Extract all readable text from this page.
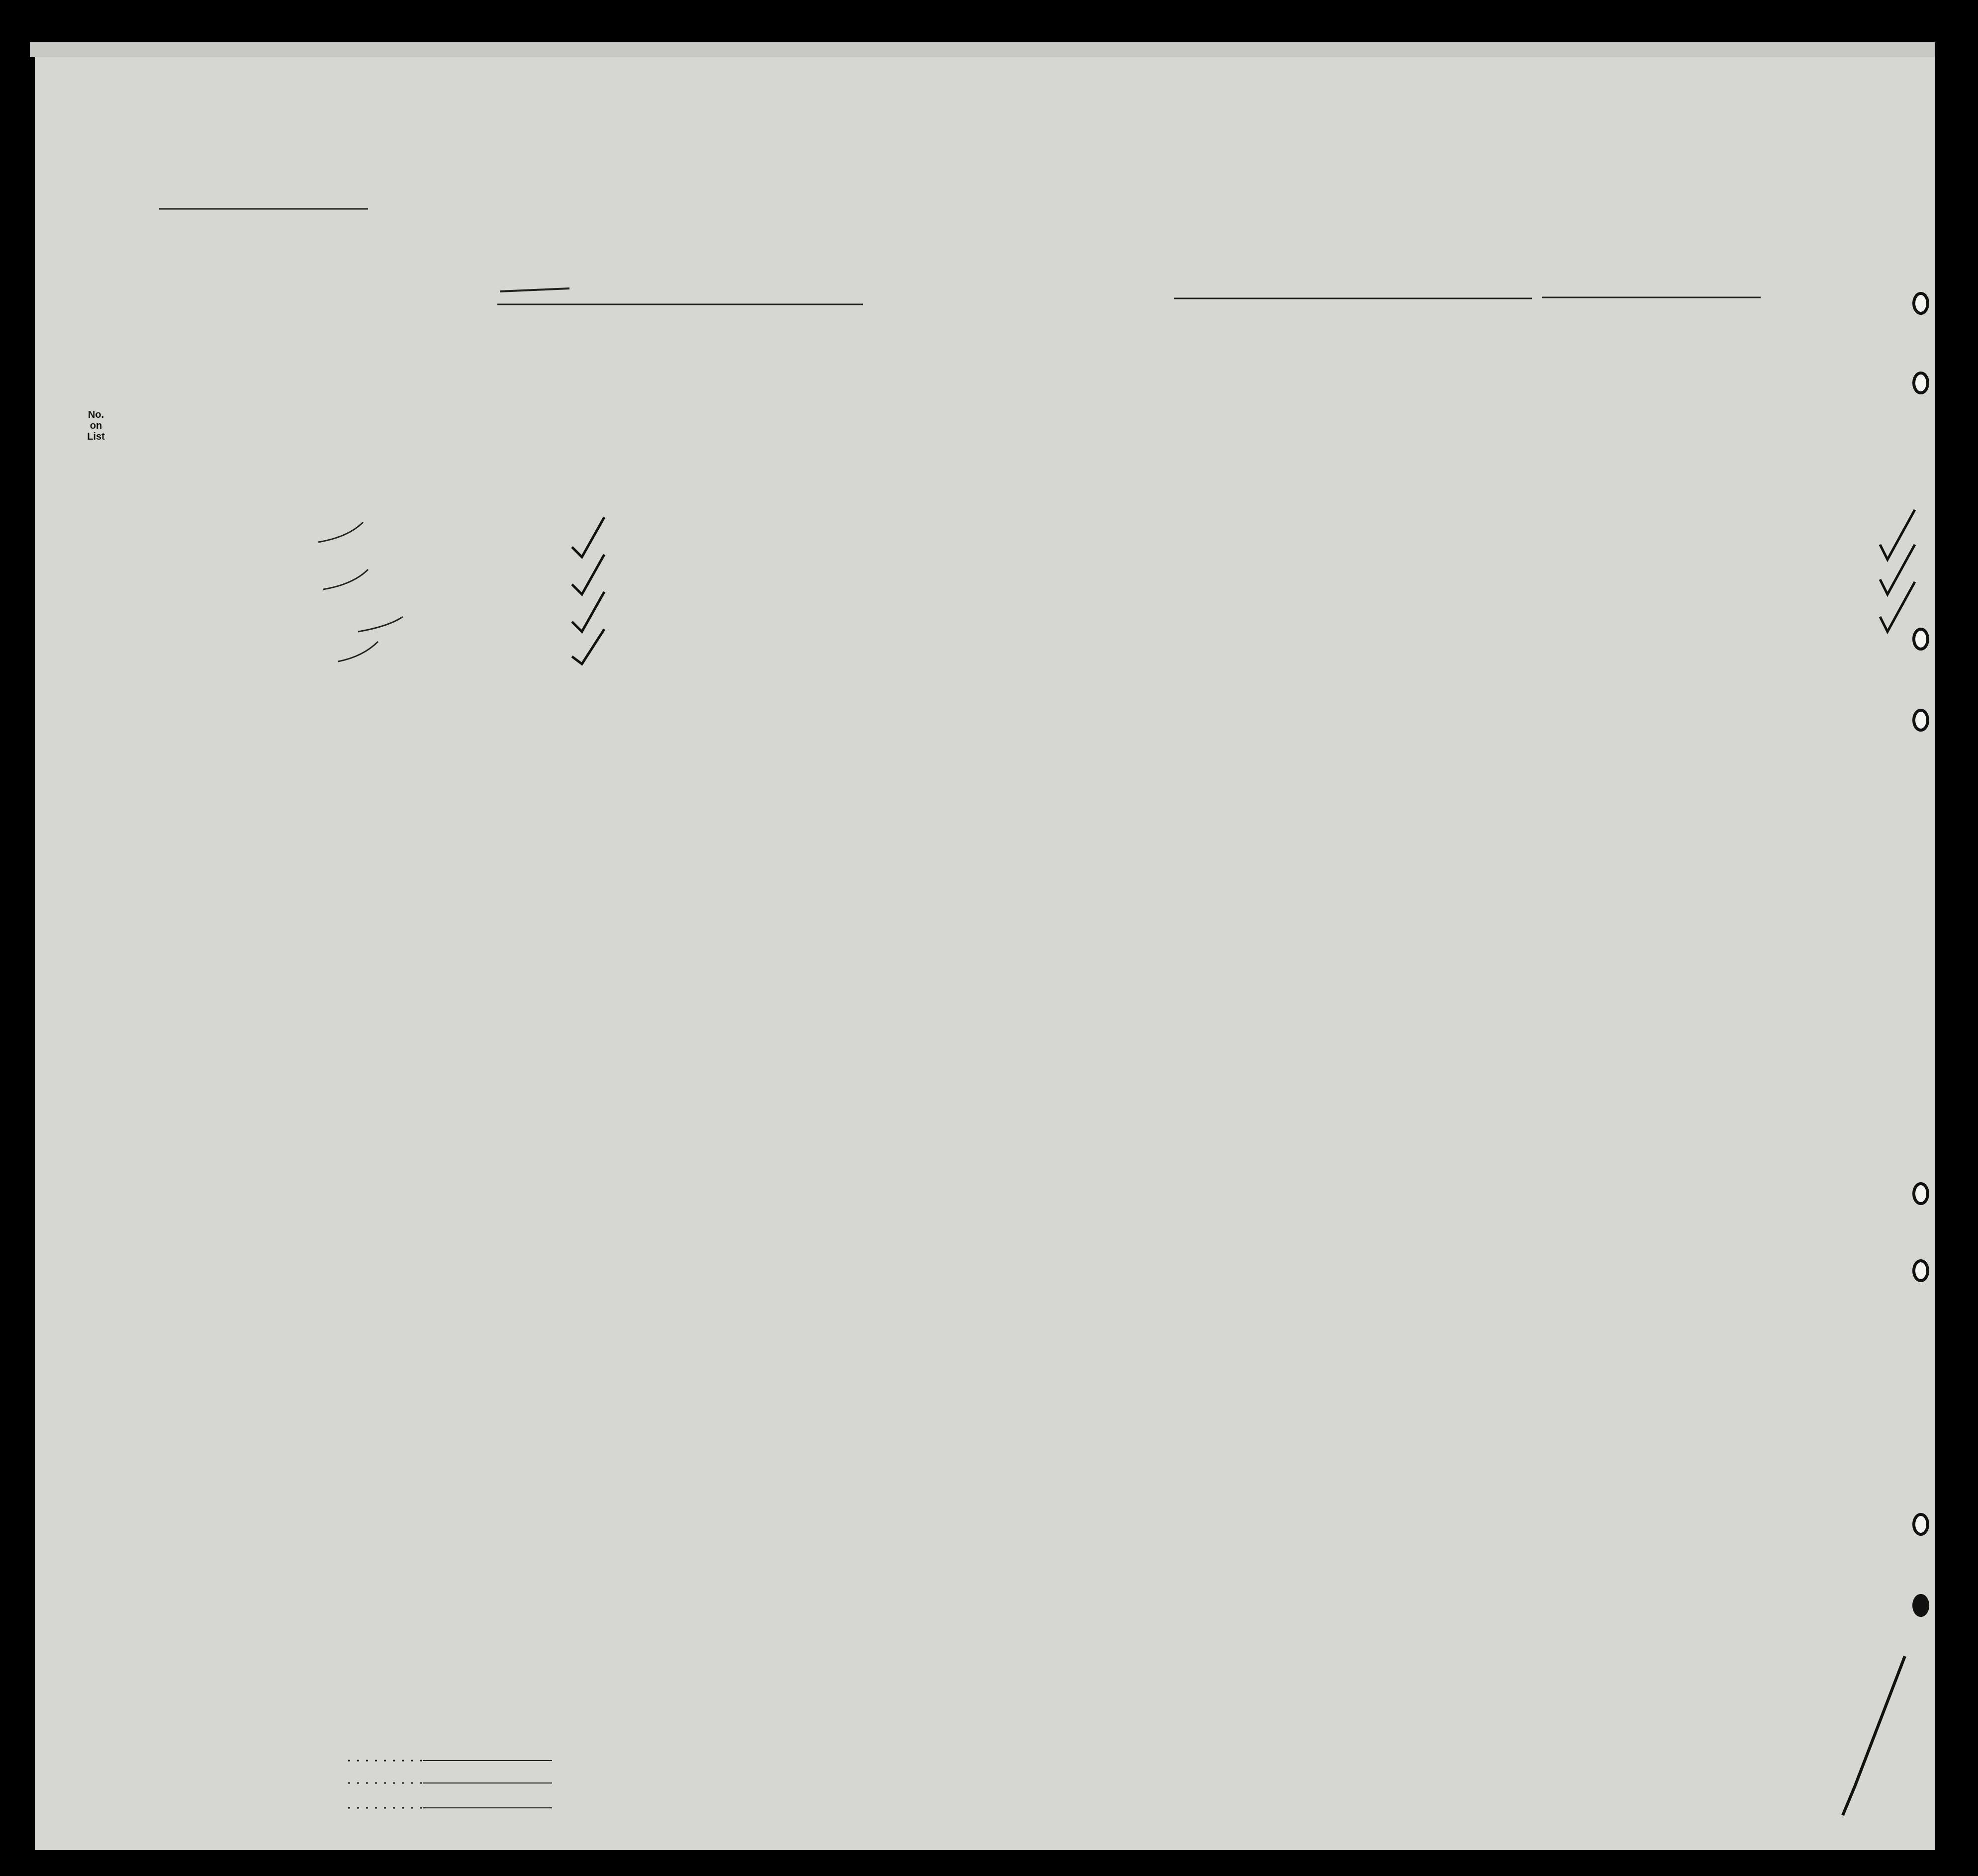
No. on List
